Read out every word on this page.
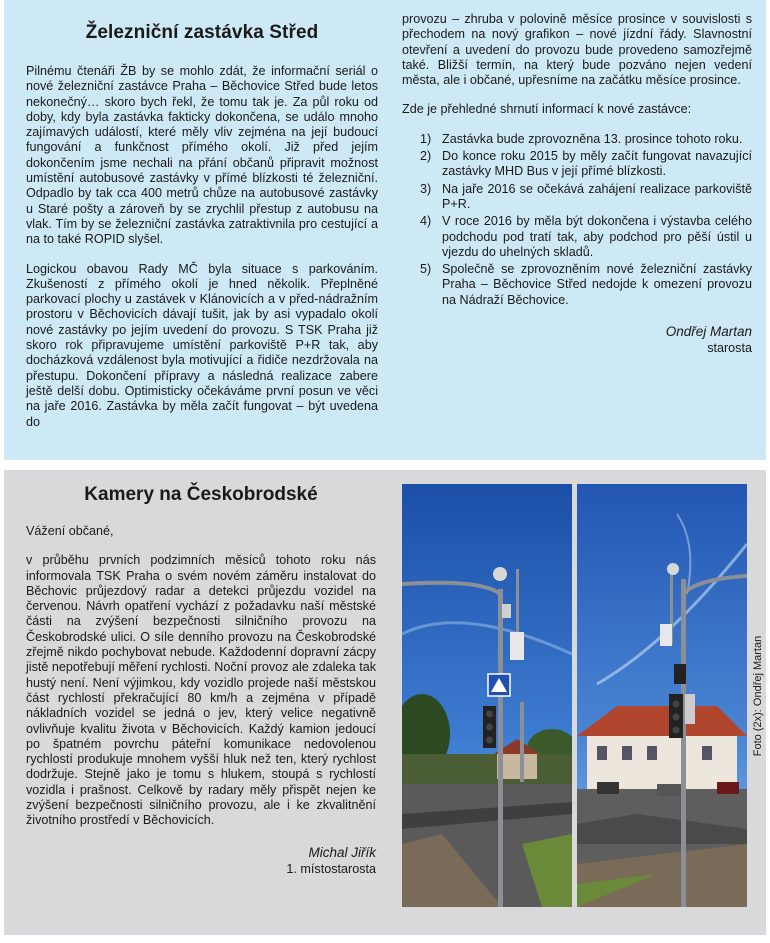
Železniční zastávka Střed

Pilnému čtenáři ŽB by se mohlo zdát, že informační seriál o nové železniční zastávce Praha – Běchovice Střed bude letos nekonečný… skoro bych řekl, že tomu tak je. Za půl roku od doby, kdy byla zastávka fakticky dokončena, se událo mnoho zajímavých událostí, které měly vliv zejména na její budoucí fungování a funkčnost přímého okolí. Již před jejím dokončením jsme nechali na přání občanů připravit možnost umístění autobusové zastávky v přímé blízkosti té železniční. Odpadlo by tak cca 400 metrů chůze na autobusové zastávky u Staré pošty a zároveň by se zrychlil přestup z autobusu na vlak. Tím by se železniční zastávka zatraktivnila pro cestující a na to také ROPID slyšel.

Logickou obavou Rady MČ byla situace s parkováním. Zkušeností z přímého okolí je hned několik. Přeplněné parkovací plochy u zastávek v Klánovicích a v před-nádražním prostoru v Běchovicích dávají tušit, jak by asi vypadalo okolí nové zastávky po jejím uvedení do provozu. S TSK Praha již skoro rok připravujeme umístění parkoviště P+R tak, aby docházková vzdálenost byla motivující a řidiče nezdržovala na přestupu. Dokončení přípravy a následná realizace zabere ještě delší dobu. Optimisticky očekáváme první posun ve věci na jaře 2016. Zastávka by měla začít fungovat – být uvedena do

provozu – zhruba v polovině měsíce prosince v souvislosti s přechodem na nový grafikon – nové jízdní řády. Slavnostní otevření a uvedení do provozu bude provedeno samozřejmě také. Bližší termín, na který bude pozváno nejen vedení města, ale i občané, upřesníme na začátku měsíce prosince.

Zde je přehledné shrnutí informací k nové zastávce:

1) Zastávka bude zprovozněna 13. prosince tohoto roku.
2) Do konce roku 2015 by měly začít fungovat navazující zastávky MHD Bus v její přímé blízkosti.
3) Na jaře 2016 se očekává zahájení realizace parkoviště P+R.
4) V roce 2016 by měla být dokončena i výstavba celého podchodu pod tratí tak, aby podchod pro pěší ústil u vjezdu do uhelných skladů.
5) Společně se zprovozněním nové železniční zastávky Praha – Běchovice Střed nedojde k omezení provozu na Nádraží Běchovice.
Ondřej Martan
starosta
Kamery na Českobrodské

Vážení občané,

v průběhu prvních podzimních měsíců tohoto roku nás informovala TSK Praha o svém novém záměru instalovat do Běchovic průjezdový radar a detekci průjezdu vozidel na červenou. Návrh opatření vychází z požadavku naší městské části na zvýšení bezpečnosti silničního provozu na Českobrodské ulici. O síle denního provozu na Českobrodské zřejmě nikdo pochybovat nebude. Každodenní dopravní zácpy jistě nepotřebují měření rychlosti. Noční provoz ale zdaleka tak hustý není. Není výjimkou, kdy vozidlo projede naší městskou část rychlostí překračující 80 km/h a zejména v případě nákladních vozidel se jedná o jev, který velice negativně ovlivňuje kvalitu života v Běchovicích. Každý kamion jedoucí po špatném povrchu páteřní komunikace nedovolenou rychlostí produkuje mnohem vyšší hluk než ten, který rychlost dodržuje. Stejně jako je tomu s hlukem, stoupá s rychlostí vozidla i prašnost. Celkově by radary měly přispět nejen ke zvýšení bezpečnosti silničního provozu, ale i ke zkvalitnění životního prostředí v Běchovicích.

Michal Jiřík
1. místostarosta
Foto (2x): Ondřej Martan
